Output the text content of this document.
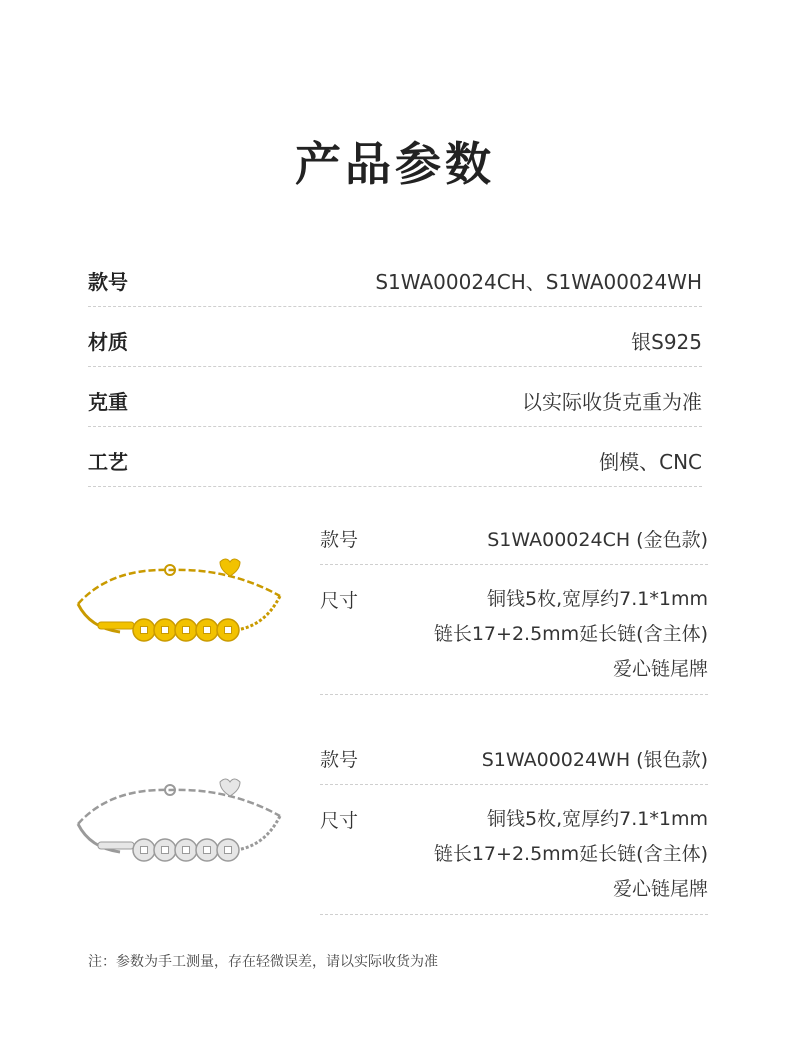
产品参数
款号	S1WA00024CH、S1WA00024WH
材质	银S925
克重	以实际收货克重为准
工艺	倒模、CNC
款号	S1WA00024CH (金色款)
尺寸	铜钱5枚,宽厚约7.1*1mm
链长17+2.5mm延长链(含主体)
爱心链尾牌
款号	S1WA00024WH (银色款)
尺寸	铜钱5枚,宽厚约7.1*1mm
链长17+2.5mm延长链(含主体)
爱心链尾牌
注：参数为手工测量，存在轻微误差，请以实际收货为准
